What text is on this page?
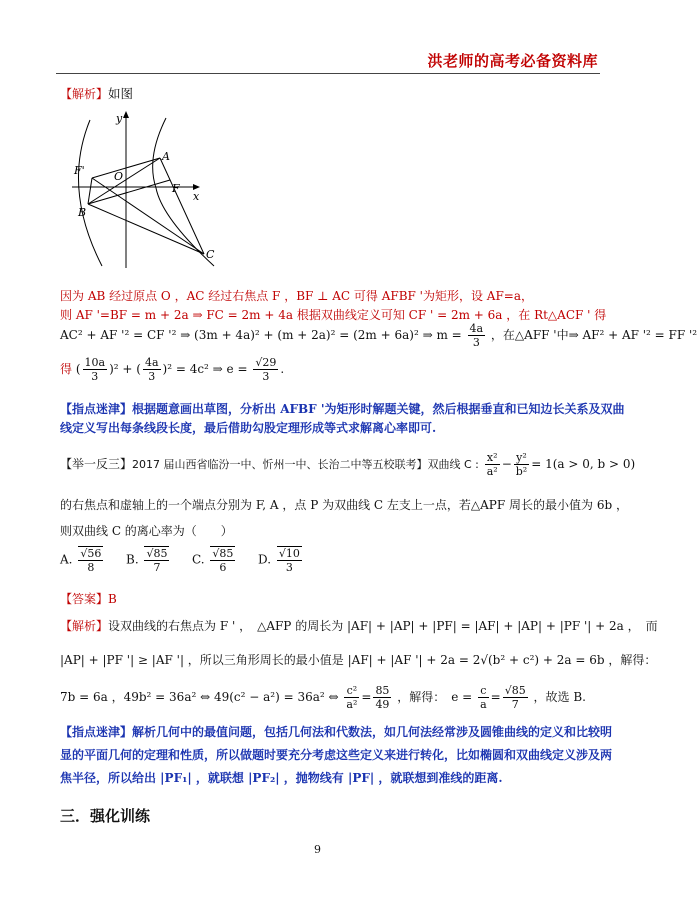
洪老师的高考必备资料库
【解析】如图
y
x
O
A
F
F'
B
C
因为 AB 经过原点 O ，AC 经过右焦点 F ，BF ⊥ AC 可得 AFBF '为矩形，设 AF=a，
则 AF '=BF = m + 2a ⇒ FC = 2m + 4a 根据双曲线定义可知 CF ' = 2m + 6a ，在 Rt△ACF ' 得
AC² + AF '² = CF '² ⇒ (3m + 4a)² + (m + 2a)² = (2m + 6a)² ⇒ $m = \frac{4a}{3}$ ，在△AFF '中⇒ AF² + AF '² = FF '²
得 ( $\frac{10a}{3} )^2$ + ( $\frac{4a}{3} )^2 = 4c^2$ ⇒ $e = \frac{√29}{3}$ .
【指点迷津】根据题意画出草图，分析出 AFBF '为矩形时解题关键，然后根据垂直和已知边长关系及双曲
线定义写出每条线段长度，最后借助勾股定理形成等式求解离心率即可.
【举一反三】2017 届山西省临汾一中、忻州一中、长治二中等五校联考】双曲线 C : $\frac{\text{x²}}{\text{a²}} - \frac{\text{y²}}{\text{b²}} = 1(a > 0$, b > 0)
的右焦点和虚轴上的一个端点分别为 F, A ，点 P 为双曲线 C 左支上一点，若△APF 周长的最小值为 6b ，
则双曲线 C 的离心率为（　　）
A. $\frac{√56}{8} B$. $\frac{√85}{7} C$. $\frac{√85}{6} D$. $\frac{√10}{3}$
【答案】B
【解析】设双曲线的右焦点为 F ' ，　△AFP 的周长为 |AF| + |AP| + |PF| = |AF| + |AP| + |PF '| + 2a ，　而
|AP| + |PF '| ≥ |AF '| ，所以三角形周长的最小值是 |AF| + |AF '| + 2a = 2√(b² + c²) + 2a = 6b ，解得：
7b = 6a ，49b² = 36a² ⇔ 49(c² − a²) = 36a² ⇔ $\frac{\text{c²}}{\text{a²}} = \frac{85}{49}$ ，解得：　$e = \frac{c}{a} = \frac{√85}{7}$ ，故选 B.
【指点迷津】解析几何中的最值问题，包括几何法和代数法，如几何法经常涉及圆锥曲线的定义和比较明
显的平面几何的定理和性质，所以做题时要充分考虑这些定义来进行转化，比如椭圆和双曲线定义涉及两
焦半径，所以给出 |PF₁| ，就联想 |PF₂| ，抛物线有 |PF| ，就联想到准线的距离.
三．强化训练
9
